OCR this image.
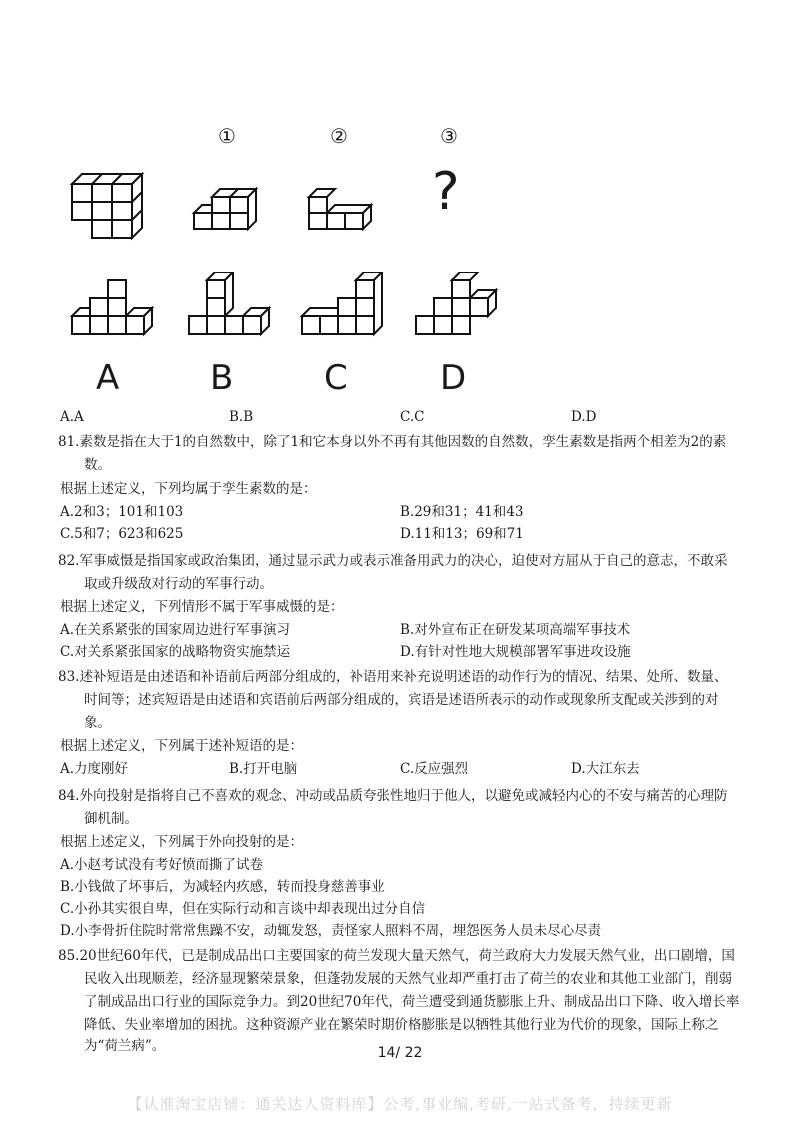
①	②	③
?
A	B	C	D
A.A	B.B	C.C	D.D
81.素数是指在大于1的自然数中，除了1和它本身以外不再有其他因数的自然数，孪生素数是指两个相差为2的素
数。
根据上述定义，下列均属于孪生素数的是：
A.2和3；101和103	B.29和31；41和43
C.5和7；623和625	D.11和13；69和71
82.军事威慑是指国家或政治集团，通过显示武力或表示准备用武力的决心，迫使对方屈从于自己的意志，不敢采
取或升级敌对行动的军事行动。
根据上述定义，下列情形不属于军事威慑的是：
A.在关系紧张的国家周边进行军事演习	B.对外宣布正在研发某项高端军事技术
C.对关系紧张国家的战略物资实施禁运	D.有针对性地大规模部署军事进攻设施
83.述补短语是由述语和补语前后两部分组成的，补语用来补充说明述语的动作行为的情况、结果、处所、数量、
时间等；述宾短语是由述语和宾语前后两部分组成的，宾语是述语所表示的动作或现象所支配或关涉到的对
象。
根据上述定义，下列属于述补短语的是：
A.力度刚好	B.打开电脑	C.反应强烈	D.大江东去
84.外向投射是指将自己不喜欢的观念、冲动或品质夸张性地归于他人，以避免或减轻内心的不安与痛苦的心理防
御机制。
根据上述定义，下列属于外向投射的是：
A.小赵考试没有考好愤而撕了试卷
B.小钱做了坏事后，为减轻内疚感，转而投身慈善事业
C.小孙其实很自卑，但在实际行动和言谈中却表现出过分自信
D.小李骨折住院时常常焦躁不安，动辄发怒，责怪家人照料不周，埋怨医务人员未尽心尽责
85.20世纪60年代，已是制成品出口主要国家的荷兰发现大量天然气，荷兰政府大力发展天然气业，出口剧增，国
民收入出现顺差，经济显现繁荣景象，但蓬勃发展的天然气业却严重打击了荷兰的农业和其他工业部门，削弱
了制成品出口行业的国际竞争力。到20世纪70年代，荷兰遭受到通货膨胀上升、制成品出口下降、收入增长率
降低、失业率增加的困扰。这种资源产业在繁荣时期价格膨胀是以牺牲其他行业为代价的现象，国际上称之
为“荷兰病”。	14/ 22
【认准淘宝店铺：通关达人资料库】公考,事业编,考研,一站式备考，持续更新
